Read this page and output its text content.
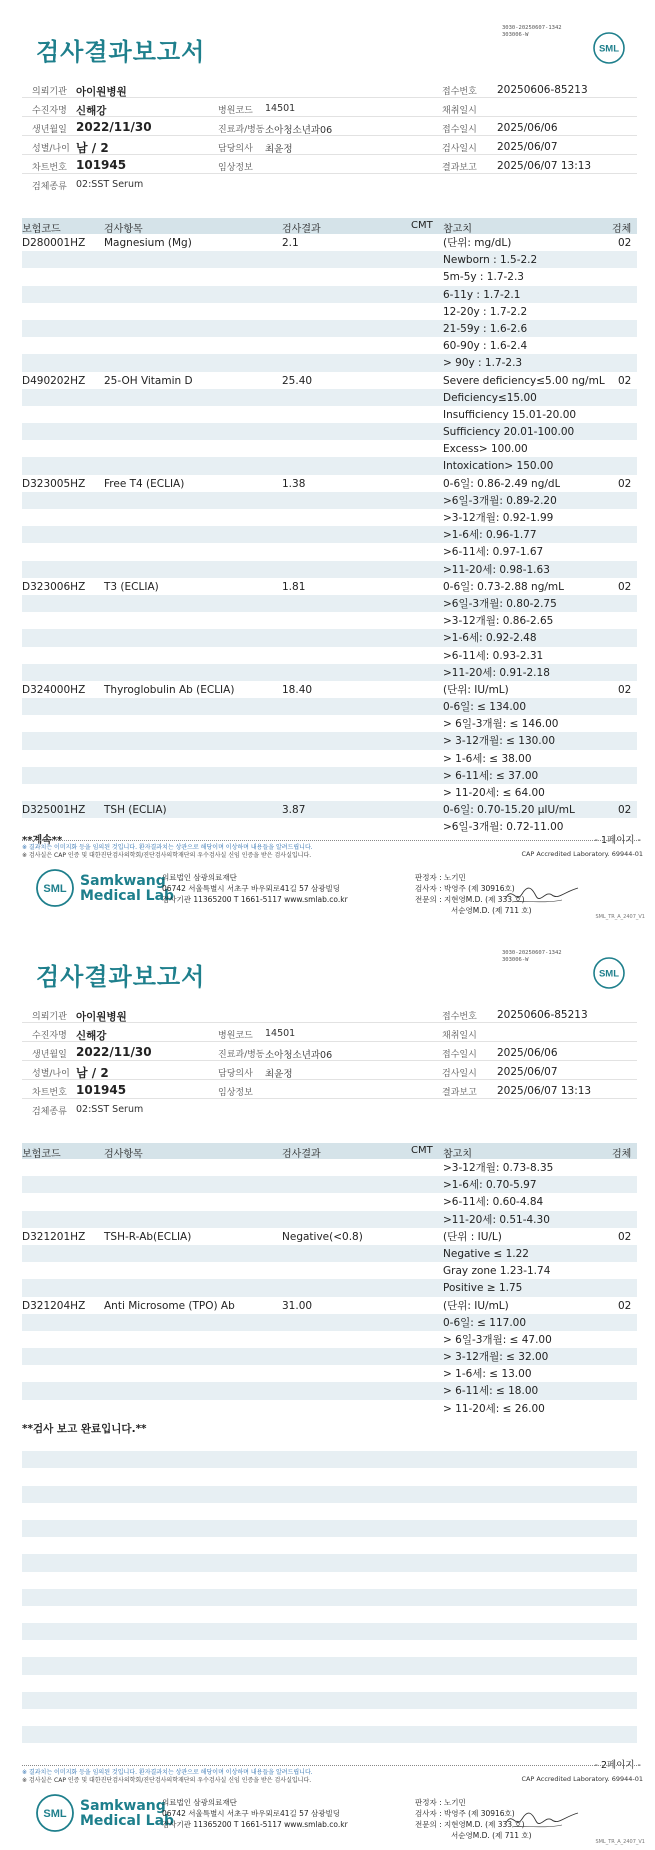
검사결과보고서
3030-20250607-1342
303006-W
SML
의뢰기관 아이원병원	접수번호 20250606-85213
수진자명 신해강	병원코드 14501	채취일시
생년월일 2022/11/30	진료과/병동 소아청소년과06	접수일시 2025/06/06
성별/나이 남 / 2	담당의사 최윤정	검사일시 2025/06/07
차트번호 101945	임상정보	결과보고 2025/06/07 13:13
검체종류 02:SST Serum
보험코드	검사항목	검사결과	CMT 참고치	검체
D280001HZ Magnesium (Mg)	2.1	(단위: mg/dL)	02
Newborn : 1.5-2.2
5m-5y : 1.7-2.3
6-11y : 1.7-2.1
12-20y : 1.7-2.2
21-59y : 1.6-2.6
60-90y : 1.6-2.4
> 90y : 1.7-2.3
D490202HZ 25-OH Vitamin D	25.40	Severe deficiency≤5.00 ng/mL 02
Deficiency≤15.00
Insufficiency 15.01-20.00
Sufficiency 20.01-100.00
Excess> 100.00
Intoxication> 150.00
D323005HZ Free T4 (ECLIA)	1.38	0-6일: 0.86-2.49 ng/dL	02
>6일-3개월: 0.89-2.20
>3-12개월: 0.92-1.99
>1-6세: 0.96-1.77
>6-11세: 0.97-1.67
>11-20세: 0.98-1.63
D323006HZ T3 (ECLIA)	1.81	0-6일: 0.73-2.88 ng/mL	02
>6일-3개월: 0.80-2.75
>3-12개월: 0.86-2.65
>1-6세: 0.92-2.48
>6-11세: 0.93-2.31
>11-20세: 0.91-2.18
D324000HZ Thyroglobulin Ab (ECLIA)	18.40	(단위: IU/mL)	02
0-6일: ≤ 134.00
> 6일-3개월: ≤ 146.00
> 3-12개월: ≤ 130.00
> 1-6세: ≤ 38.00
> 6-11세: ≤ 37.00
> 11-20세: ≤ 64.00
D325001HZ TSH (ECLIA)	3.87	0-6일: 0.70-15.20 μIU/mL	02
>6일-3개월: 0.72-11.00
**계속**	- 1페이지 -
※ 결과치는 이미지화 등을 임의된 것입니다. 환자결과치는 상관으로 해당이며 이상하며 내용들을 알려드립니다.
※ 검사실은 CAP 인증 및 대한진단검사의학회/진단검사의학재단의 우수검사실 신임 인증을 받은 검사실입니다.	CAP Accredited Laboratory. 69944-01
SML Samkwang
Medical Lab
의료법인 삼광의료재단
06742 서울특별시 서초구 바우뫼로41길 57 삼광빌딩
검사기관 11365200 T 1661-5117 www.smlab.co.kr
판정자 : 노기민
검사자 : 박영주 (제 30916호)
전문의 : 지현영M.D. (제 333 호)
서순영M.D. (제 711 호)
SML_TR_A_2407_V1
검사결과보고서
3030-20250607-1342
303006-W
SML
의뢰기관 아이원병원	접수번호 20250606-85213
수진자명 신해강	병원코드 14501	채취일시
생년월일 2022/11/30	진료과/병동 소아청소년과06	접수일시 2025/06/06
성별/나이 남 / 2	담당의사 최윤정	검사일시 2025/06/07
차트번호 101945	임상정보	결과보고 2025/06/07 13:13
검체종류 02:SST Serum
보험코드	검사항목	검사결과	CMT 참고치	검체
>3-12개월: 0.73-8.35
>1-6세: 0.70-5.97
>6-11세: 0.60-4.84
>11-20세: 0.51-4.30
D321201HZ TSH-R-Ab(ECLIA)	Negative(<0.8)	(단위 : IU/L)	02
Negative ≤ 1.22
Gray zone 1.23-1.74
Positive ≥ 1.75
D321204HZ Anti Microsome (TPO) Ab	31.00	(단위: IU/mL)	02
0-6일: ≤ 117.00
> 6일-3개월: ≤ 47.00
> 3-12개월: ≤ 32.00
> 1-6세: ≤ 13.00
> 6-11세: ≤ 18.00
> 11-20세: ≤ 26.00
**검사 보고 완료입니다.**
- 2페이지 -
※ 결과치는 이미지화 등을 임의된 것입니다. 환자결과치는 상관으로 해당이며 이상하며 내용들을 알려드립니다.
※ 검사실은 CAP 인증 및 대한진단검사의학회/진단검사의학재단의 우수검사실 신임 인증을 받은 검사실입니다.	CAP Accredited Laboratory. 69944-01
SML Samkwang
Medical Lab
의료법인 삼광의료재단
06742 서울특별시 서초구 바우뫼로41길 57 삼광빌딩
검사기관 11365200 T 1661-5117 www.smlab.co.kr
판정자 : 노기민
검사자 : 박영주 (제 30916호)
전문의 : 지현영M.D. (제 333 호)
서순영M.D. (제 711 호)
SML_TR_A_2407_V1
